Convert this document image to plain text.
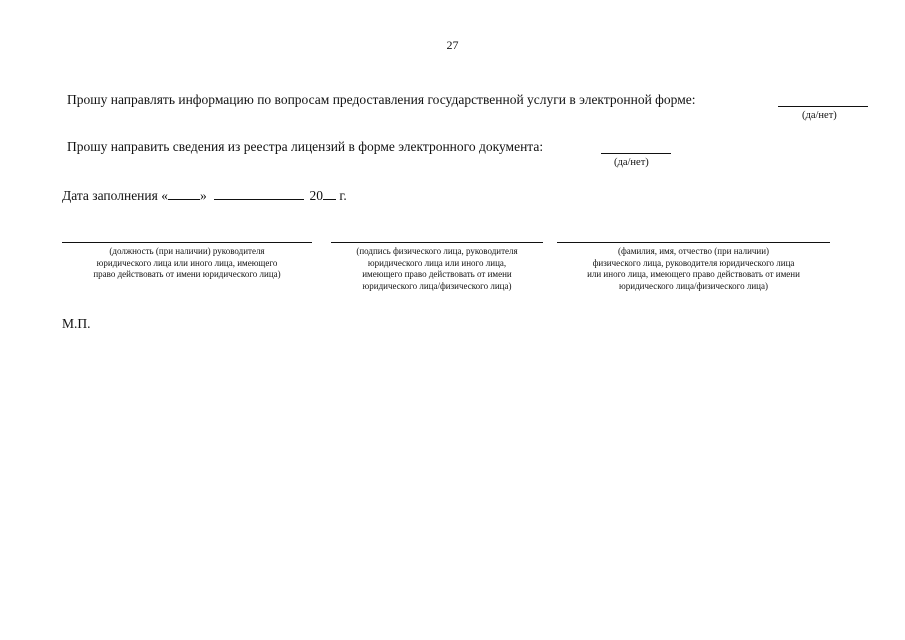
27
Прошу направлять информацию по вопросам предоставления государственной услуги в электронной форме:
(да/нет)
Прошу направить сведения из реестра лицензий в форме электронного документа:
(да/нет)
Дата заполнения « »	20 г.
(должность (при наличии) руководителя
юридического лица или иного лица, имеющего
право действовать от имени юридического лица)
(подпись физического лица, руководителя
юридического лица или иного лица,
имеющего право действовать от имени
юридического лица/физического лица)
(фамилия, имя, отчество (при наличии)
физического лица, руководителя юридического лица
или иного лица, имеющего право действовать от имени
юридического лица/физического лица)
М.П.
